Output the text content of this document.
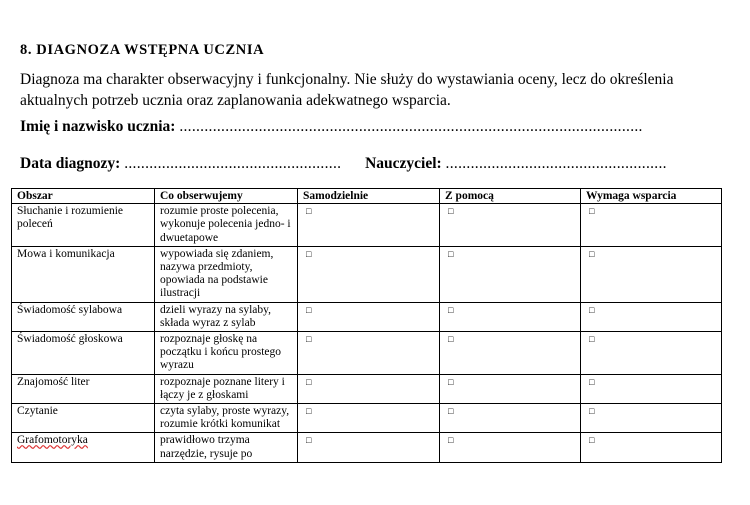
8. DIAGNOZA WSTĘPNA UCZNIA
Diagnoza ma charakter obserwacyjny i funkcjonalny. Nie służy do wystawiania oceny, lecz do określenia aktualnych potrzeb ucznia oraz zaplanowania adekwatnego wsparcia.
Imię i nazwisko ucznia: ...............................................................................................................
Data diagnozy: .................................................... Nauczyciel: .....................................................
Obszar	Co obserwujemy	Samodzielnie	Z pomocą	Wymaga wsparcia
Słuchanie i rozumienie poleceń	rozumie proste polecenia, wykonuje polecenia jedno- i dwuetapowe	□	□	□
Mowa i komunikacja	wypowiada się zdaniem, nazywa przedmioty, opowiada na podstawie ilustracji	□	□	□
Świadomość sylabowa	dzieli wyrazy na sylaby, składa wyraz z sylab	□	□	□
Świadomość głoskowa	rozpoznaje głoskę na początku i końcu prostego wyrazu	□	□	□
Znajomość liter	rozpoznaje poznane litery i łączy je z głoskami	□	□	□
Czytanie	czyta sylaby, proste wyrazy, rozumie krótki komunikat	□	□	□
Grafomotoryka	prawidłowo trzyma narzędzie, rysuje po	□	□	□
